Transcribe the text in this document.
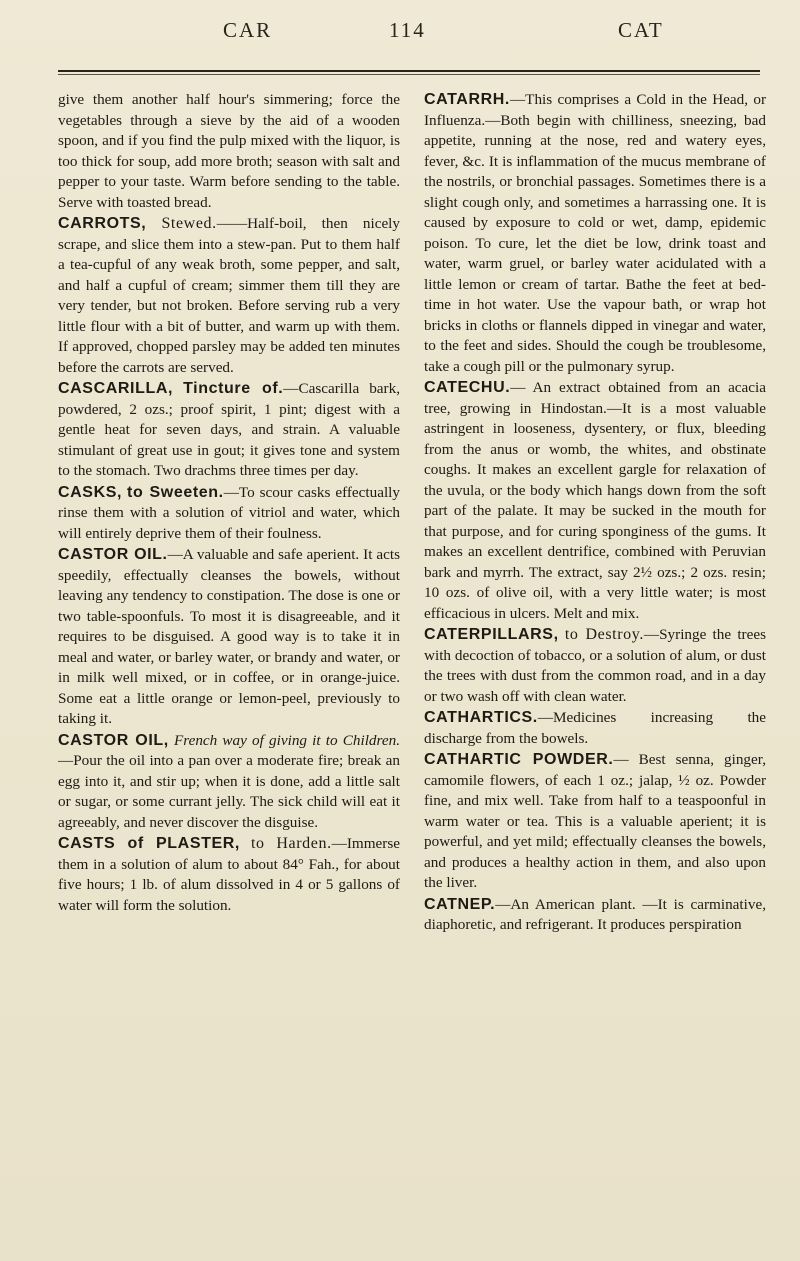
CAR	114	CAT

give them another half hour's simmering; force the vegetables through a sieve by the aid of a wooden spoon, and if you find the pulp mixed with the liquor, is too thick for soup, add more broth; season with salt and pepper to your taste. Warm before sending to the table. Serve with toasted bread.

CARROTS, Stewed.——Half-boil, then nicely scrape, and slice them into a stew-pan. Put to them half a tea-cupful of any weak broth, some pepper, and salt, and half a cupful of cream; simmer them till they are very tender, but not broken. Before serving rub a very little flour with a bit of butter, and warm up with them. If approved, chopped parsley may be added ten minutes before the carrots are served.

CASCARILLA, Tincture of.—Cascarilla bark, powdered, 2 ozs.; proof spirit, 1 pint; digest with a gentle heat for seven days, and strain. A valuable stimulant of great use in gout; it gives tone and system to the stomach. Two drachms three times per day.

CASKS, to Sweeten.—To scour casks effectually rinse them with a solution of vitriol and water, which will entirely deprive them of their foulness.

CASTOR OIL.—A valuable and safe aperient. It acts speedily, effectually cleanses the bowels, without leaving any tendency to constipation. The dose is one or two table-spoonfuls. To most it is disagreeable, and it requires to be disguised. A good way is to take it in meal and water, or barley water, or brandy and water, or in milk well mixed, or in coffee, or in orange-juice. Some eat a little orange or lemon-peel, previously to taking it.

CASTOR OIL, French way of giving it to Children.—Pour the oil into a pan over a moderate fire; break an egg into it, and stir up; when it is done, add a little salt or sugar, or some currant jelly. The sick child will eat it agreeably, and never discover the disguise.

CASTS of PLASTER, to Harden.—Immerse them in a solution of alum to about 84° Fah., for about five hours; 1 lb. of alum dissolved in 4 or 5 gallons of water will form the solution.

CATARRH.—This comprises a Cold in the Head, or Influenza.—Both begin with chilliness, sneezing, bad appetite, running at the nose, red and watery eyes, fever, &c. It is inflammation of the mucus membrane of the nostrils, or bronchial passages. Sometimes there is a slight cough only, and sometimes a harrassing one. It is caused by exposure to cold or wet, damp, epidemic poison. To cure, let the diet be low, drink toast and water, warm gruel, or barley water acidulated with a little lemon or cream of tartar. Bathe the feet at bed-time in hot water. Use the vapour bath, or wrap hot bricks in cloths or flannels dipped in vinegar and water, to the feet and sides. Should the cough be troublesome, take a cough pill or the pulmonary syrup.

CATECHU.— An extract obtained from an acacia tree, growing in Hindostan.—It is a most valuable astringent in looseness, dysentery, or flux, bleeding from the anus or womb, the whites, and obstinate coughs. It makes an excellent gargle for relaxation of the uvula, or the body which hangs down from the soft part of the palate. It may be sucked in the mouth for that purpose, and for curing sponginess of the gums. It makes an excellent dentrifice, combined with Peruvian bark and myrrh. The extract, say 2½ ozs.; 2 ozs. resin; 10 ozs. of olive oil, with a very little water; is most efficacious in ulcers. Melt and mix.

CATERPILLARS, to Destroy.—Syringe the trees with decoction of tobacco, or a solution of alum, or dust the trees with dust from the common road, and in a day or two wash off with clean water.

CATHARTICS.—Medicines increasing the discharge from the bowels.

CATHARTIC POWDER.— Best senna, ginger, camomile flowers, of each 1 oz.; jalap, ½ oz. Powder fine, and mix well. Take from half to a teaspoonful in warm water or tea. This is a valuable aperient; it is powerful, and yet mild; effectually cleanses the bowels, and produces a healthy action in them, and also upon the liver.

CATNEP.—An American plant. —It is carminative, diaphoretic, and refrigerant. It produces perspiration
